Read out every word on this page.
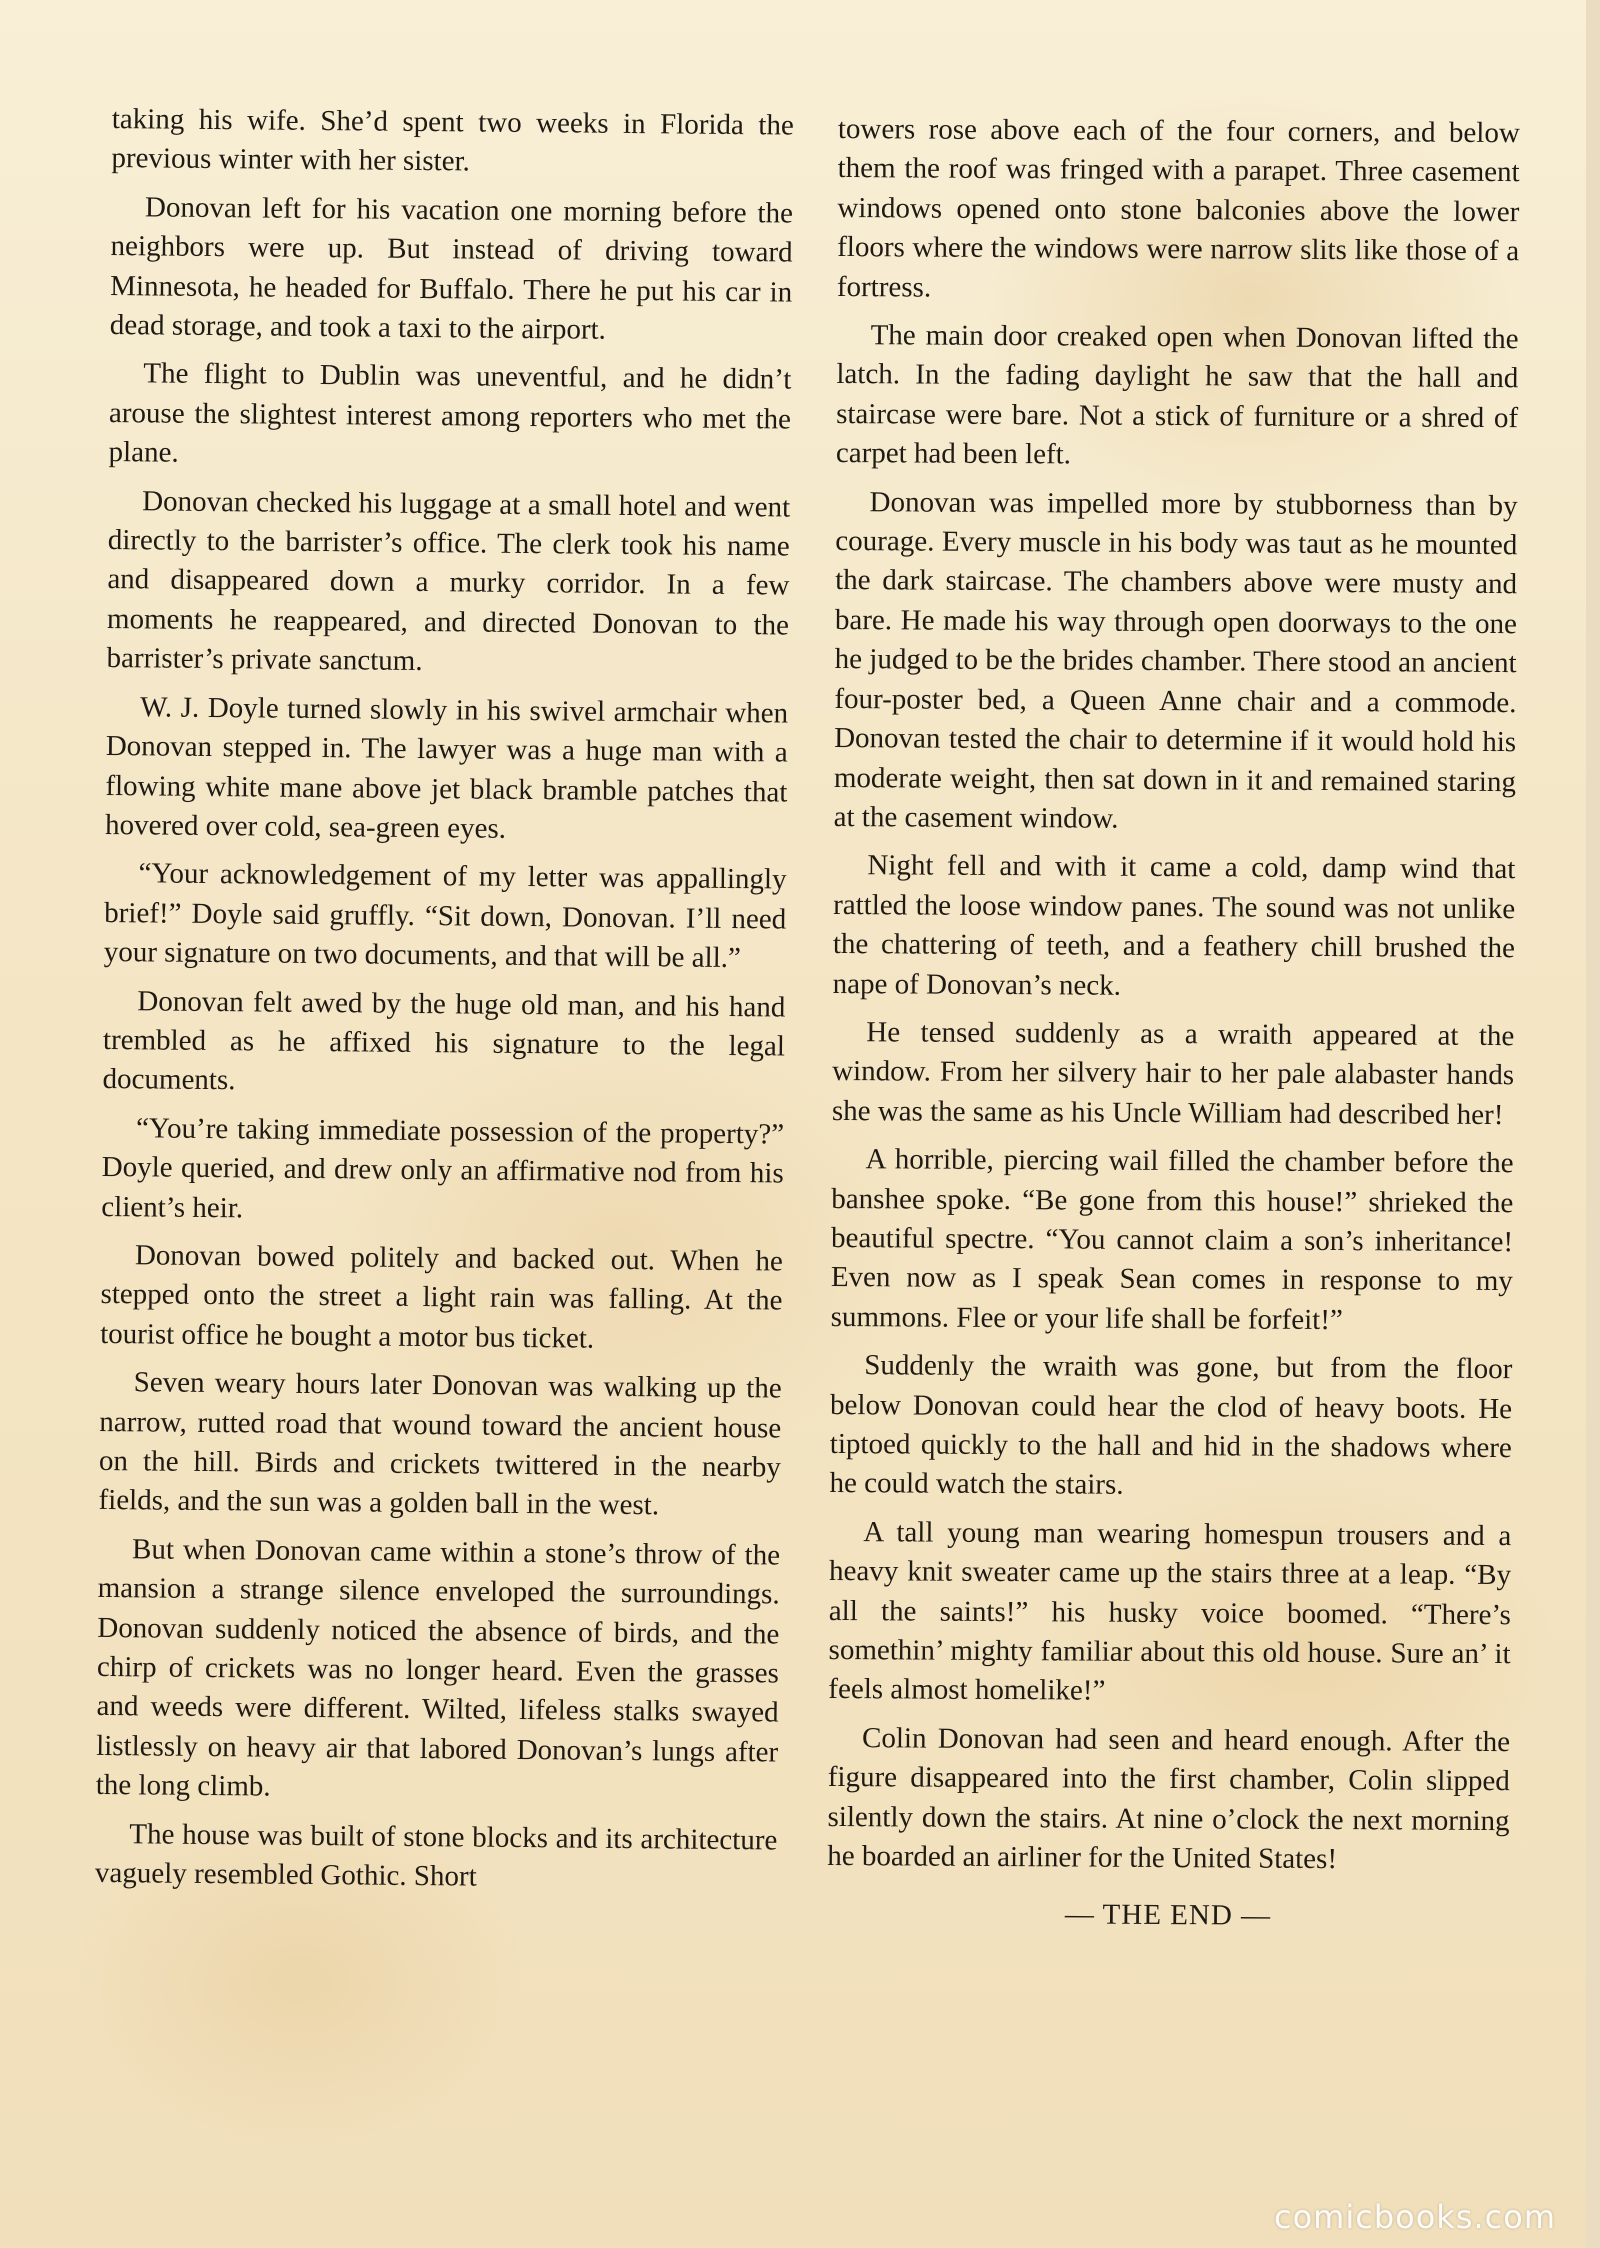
taking his wife. She’d spent two weeks in Florida the previous winter with her sister.

Donovan left for his vacation one morning before the neighbors were up. But instead of driving toward Minnesota, he headed for Buffalo. There he put his car in dead storage, and took a taxi to the airport.

The flight to Dublin was uneventful, and he didn’t arouse the slightest interest among reporters who met the plane.

Donovan checked his luggage at a small hotel and went directly to the barrister’s office. The clerk took his name and disappeared down a murky corridor. In a few moments he reappeared, and directed Donovan to the barrister’s private sanctum.

W. J. Doyle turned slowly in his swivel armchair when Donovan stepped in. The lawyer was a huge man with a flowing white mane above jet black bramble patches that hovered over cold, sea-green eyes.

“Your acknowledgement of my letter was appallingly brief!” Doyle said gruffly. “Sit down, Donovan. I’ll need your signature on two documents, and that will be all.”

Donovan felt awed by the huge old man, and his hand trembled as he affixed his signature to the legal documents.

“You’re taking immediate possession of the property?” Doyle queried, and drew only an affirmative nod from his client’s heir.

Donovan bowed politely and backed out. When he stepped onto the street a light rain was falling. At the tourist office he bought a motor bus ticket.

Seven weary hours later Donovan was walking up the narrow, rutted road that wound toward the ancient house on the hill. Birds and crickets twittered in the nearby fields, and the sun was a golden ball in the west.

But when Donovan came within a stone’s throw of the mansion a strange silence enveloped the surroundings. Donovan suddenly noticed the absence of birds, and the chirp of crickets was no longer heard. Even the grasses and weeds were different. Wilted, lifeless stalks swayed listlessly on heavy air that labored Donovan’s lungs after the long climb.

The house was built of stone blocks and its architecture vaguely resembled Gothic. Short

towers rose above each of the four corners, and below them the roof was fringed with a parapet. Three casement windows opened onto stone balconies above the lower floors where the windows were narrow slits like those of a fortress.

The main door creaked open when Donovan lifted the latch. In the fading daylight he saw that the hall and staircase were bare. Not a stick of furniture or a shred of carpet had been left.

Donovan was impelled more by stubborness than by courage. Every muscle in his body was taut as he mounted the dark staircase. The chambers above were musty and bare. He made his way through open doorways to the one he judged to be the brides chamber. There stood an ancient four-poster bed, a Queen Anne chair and a commode. Donovan tested the chair to determine if it would hold his moderate weight, then sat down in it and remained staring at the casement window.

Night fell and with it came a cold, damp wind that rattled the loose window panes. The sound was not unlike the chattering of teeth, and a feathery chill brushed the nape of Donovan’s neck.

He tensed suddenly as a wraith appeared at the window. From her silvery hair to her pale alabaster hands she was the same as his Uncle William had described her!

A horrible, piercing wail filled the chamber before the banshee spoke. “Be gone from this house!” shrieked the beautiful spectre. “You cannot claim a son’s inheritance! Even now as I speak Sean comes in response to my summons. Flee or your life shall be forfeit!”

Suddenly the wraith was gone, but from the floor below Donovan could hear the clod of heavy boots. He tiptoed quickly to the hall and hid in the shadows where he could watch the stairs.

A tall young man wearing homespun trousers and a heavy knit sweater came up the stairs three at a leap. “By all the saints!” his husky voice boomed. “There’s somethin’ mighty familiar about this old house. Sure an’ it feels almost homelike!”

Colin Donovan had seen and heard enough. After the figure disappeared into the first chamber, Colin slipped silently down the stairs. At nine o’clock the next morning he boarded an airliner for the United States!

— THE END —

comicbooks.com
